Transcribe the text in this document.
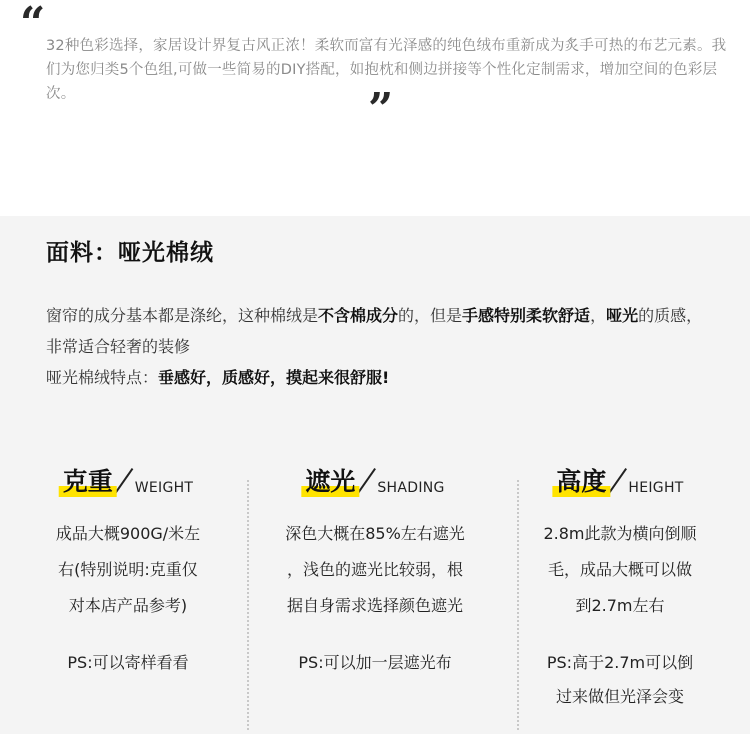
“ 32种色彩选择，家居设计界复古风正浓！柔软而富有光泽感的纯色绒布重新成为炙手可热的布艺元素。我们为您归类5个色组,可做一些简易的DIY搭配，如抱枕和侧边拼接等个性化定制需求，增加空间的色彩层次。	”
面料：哑光棉绒

窗帘的成分基本都是涤纶，这种棉绒是不含棉成分的，但是手感特别柔软舒适，哑光的质感，非常适合轻奢的装修
哑光棉绒特点：垂感好，质感好，摸起来很舒服!

克重 WEIGHT
成品大概900G/米左
右(特别说明:克重仅
对本店产品参考)
PS:可以寄样看看
遮光 SHADING
深色大概在85%左右遮光
，浅色的遮光比较弱，根
据自身需求选择颜色遮光
PS:可以加一层遮光布
高度 HEIGHT
2.8m此款为横向倒顺
毛，成品大概可以做
到2.7m左右
PS:高于2.7m可以倒
过来做但光泽会变
